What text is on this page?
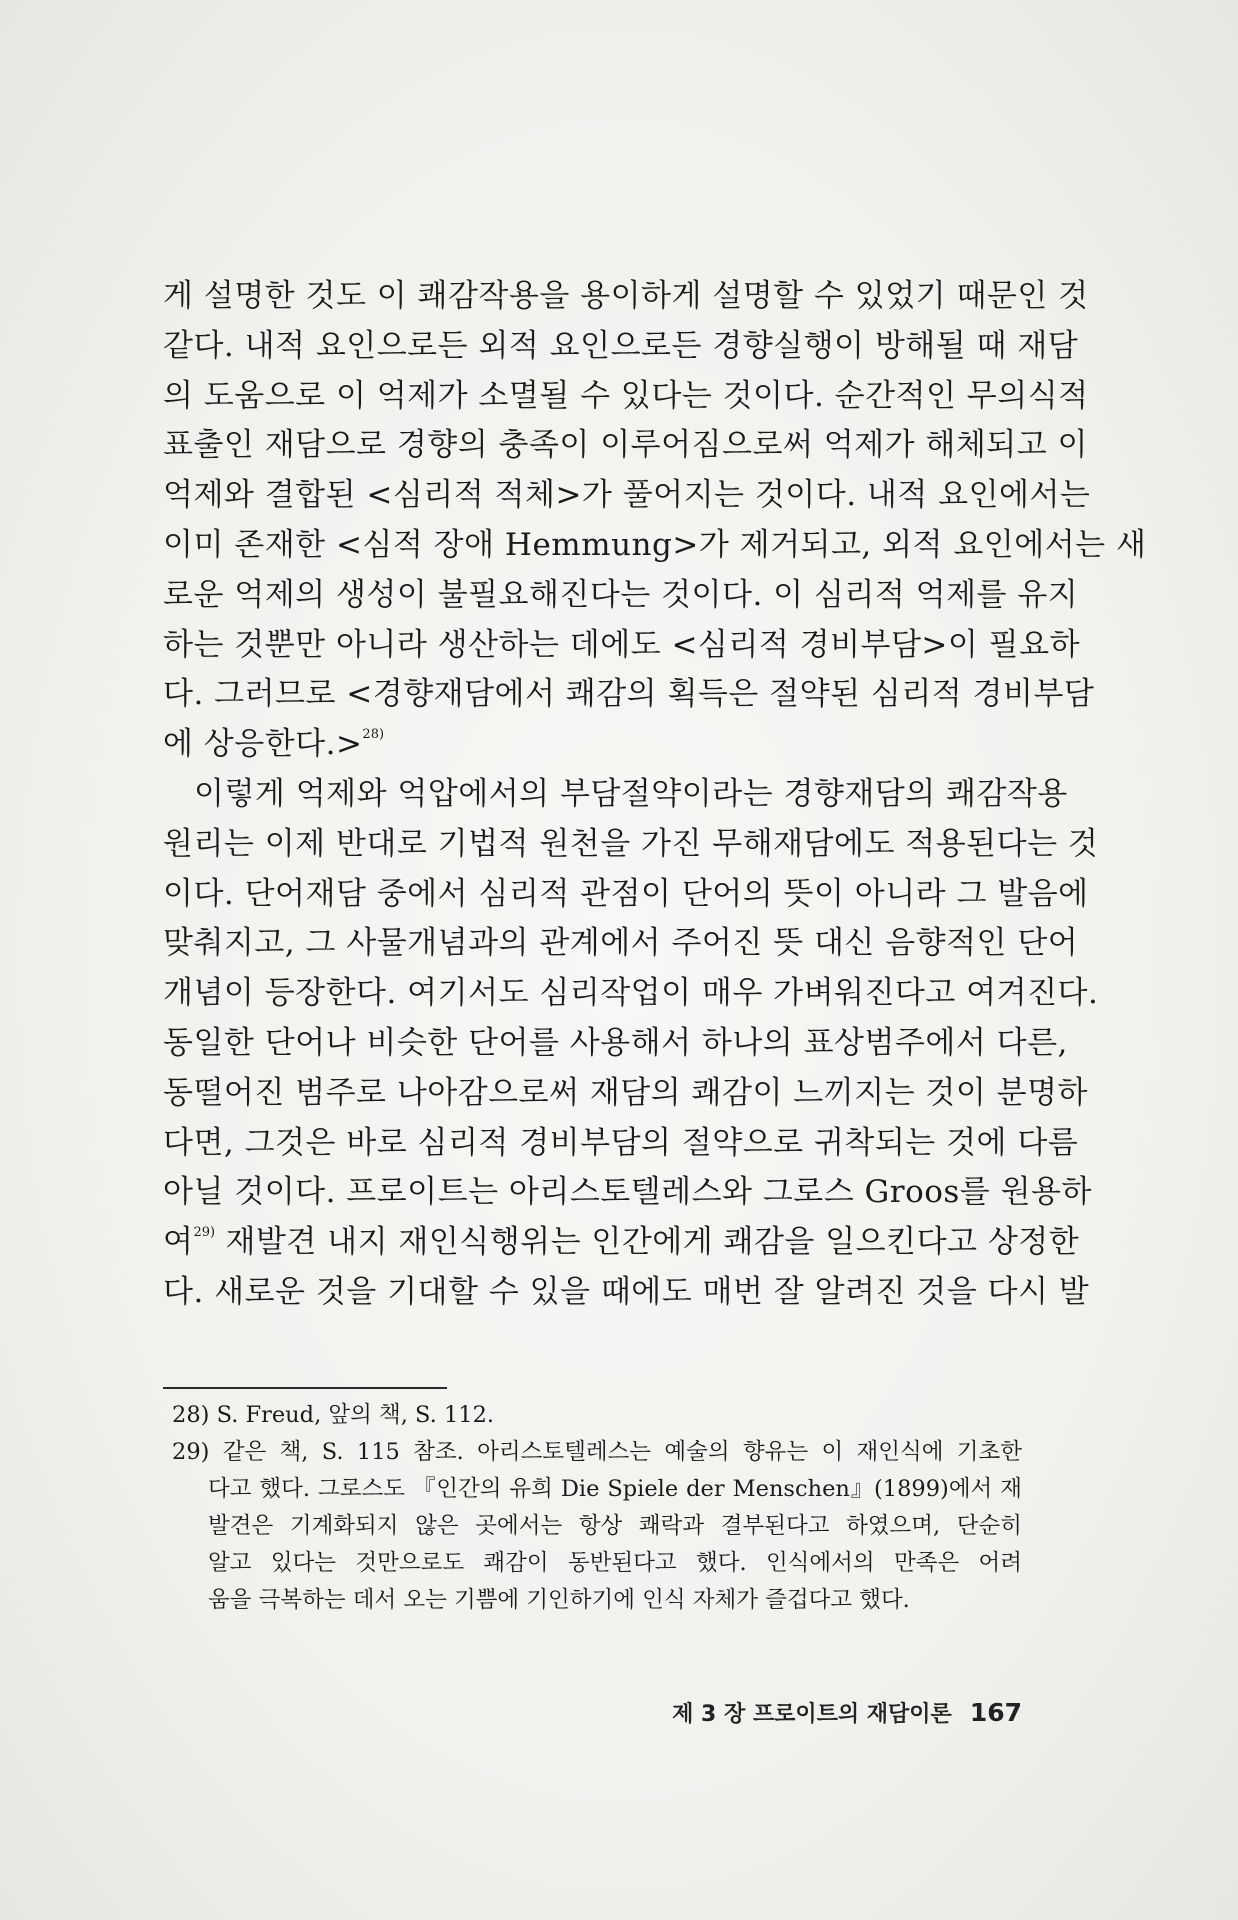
게 설명한 것도 이 쾌감작용을 용이하게 설명할 수 있었기 때문인 것
같다. 내적 요인으로든 외적 요인으로든 경향실행이 방해될 때 재담
의 도움으로 이 억제가 소멸될 수 있다는 것이다. 순간적인 무의식적
표출인 재담으로 경향의 충족이 이루어짐으로써 억제가 해체되고 이
억제와 결합된 <심리적 적체>가 풀어지는 것이다. 내적 요인에서는
이미 존재한 <심적 장애 Hemmung>가 제거되고, 외적 요인에서는 새
로운 억제의 생성이 불필요해진다는 것이다. 이 심리적 억제를 유지
하는 것뿐만 아니라 생산하는 데에도 <심리적 경비부담>이 필요하
다. 그러므로 <경향재담에서 쾌감의 획득은 절약된 심리적 경비부담
에 상응한다.>$^{28)}$
이렇게 억제와 억압에서의 부담절약이라는 경향재담의 쾌감작용
원리는 이제 반대로 기법적 원천을 가진 무해재담에도 적용된다는 것
이다. 단어재담 중에서 심리적 관점이 단어의 뜻이 아니라 그 발음에
맞춰지고, 그 사물개념과의 관계에서 주어진 뜻 대신 음향적인 단어
개념이 등장한다. 여기서도 심리작업이 매우 가벼워진다고 여겨진다.
동일한 단어나 비슷한 단어를 사용해서 하나의 표상범주에서 다른,
동떨어진 범주로 나아감으로써 재담의 쾌감이 느끼지는 것이 분명하
다면, 그것은 바로 심리적 경비부담의 절약으로 귀착되는 것에 다름
아닐 것이다. 프로이트는 아리스토텔레스와 그로스 Groos를 원용하
여$^{29)}$ 재발견 내지 재인식행위는 인간에게 쾌감을 일으킨다고 상정한
다. 새로운 것을 기대할 수 있을 때에도 매번 잘 알려진 것을 다시 발
28) S. Freud, 앞의 책, S. 112.
29) 같은 책, S. 115 참조. 아리스토텔레스는 예술의 향유는 이 재인식에 기초한
다고 했다. 그로스도 『인간의 유희 Die Spiele der Menschen』(1899)에서 재
발견은 기계화되지 않은 곳에서는 항상 쾌락과 결부된다고 하였으며, 단순히
알고 있다는 것만으로도 쾌감이 동반된다고 했다. 인식에서의 만족은 어려
움을 극복하는 데서 오는 기쁨에 기인하기에 인식 자체가 즐겁다고 했다.
제 3 장 프로이트의 재담이론 167
